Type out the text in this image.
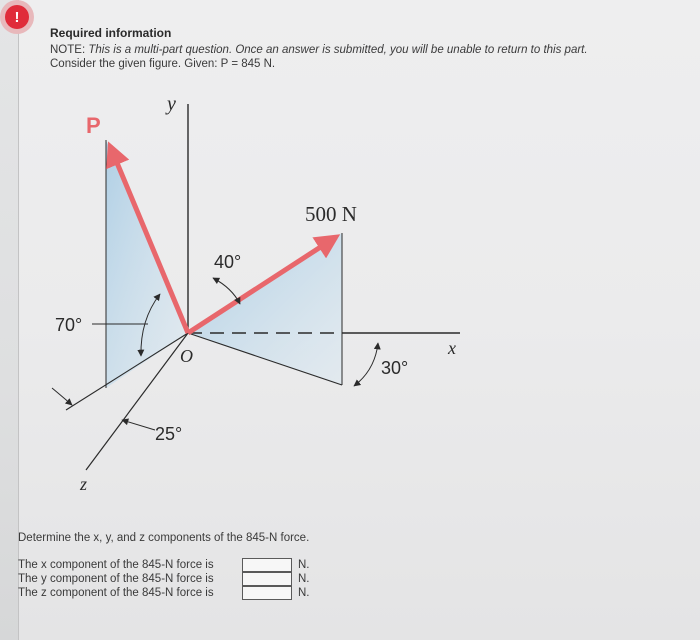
!
Required information
NOTE: This is a multi-part question. Once an answer is submitted, you will be unable to return to this part.
Consider the given figure. Given: P = 845 N.
y
x
z
P
O
500 N
40°
70°
30°
25°
Determine the x, y, and z components of the 845-N force.
The x component of the 845-N force is	N.
The y component of the 845-N force is	N.
The z component of the 845-N force is	N.
